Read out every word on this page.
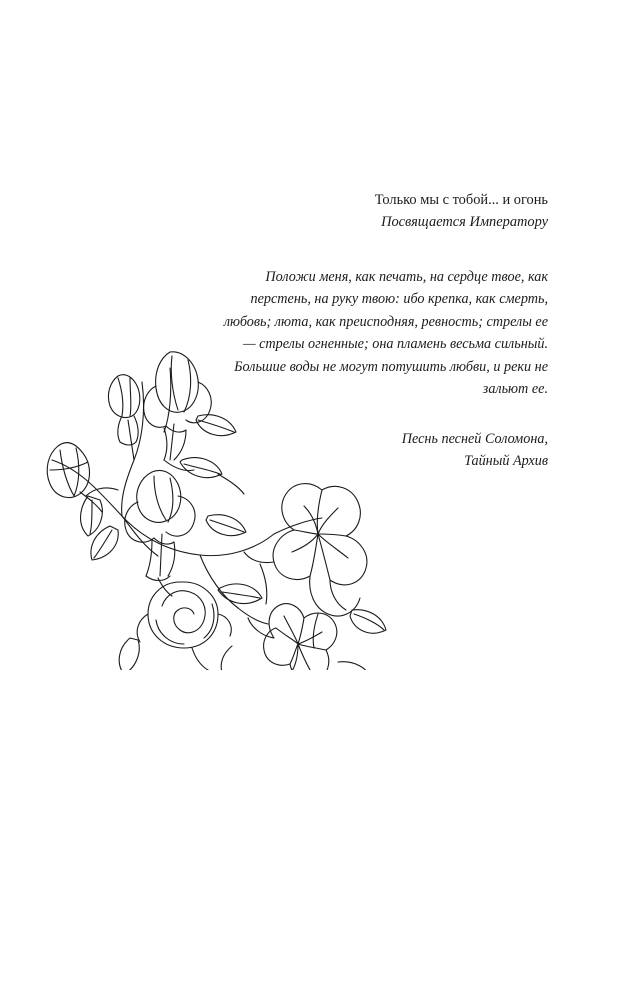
Только мы с тобой... и огонь
Посвящается Императору

Положи меня, как печать, на сердце твое, как перстень, на руку твою: ибо крепка, как смерть, любовь; люта, как преисподняя, ревность; стрелы ее — стрелы огненные; она пламень весьма сильный. Большие воды не могут потушить любви, и реки не зальют ее.

Песнь песней Соломона,
Тайный Архив
